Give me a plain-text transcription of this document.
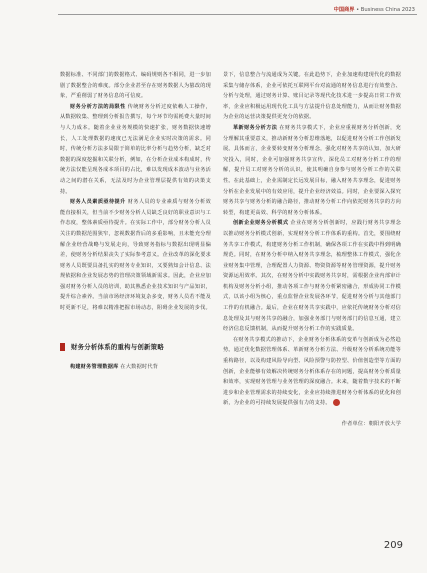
中国商界 • Business China 2023

数据标准、不同部门的数据格式、编码规则各不相同，进一步加剧了数据整合的难度。部分企业甚至存在财务数据人为篡改的现象，严重削弱了财务信息的可信度。

财务分析方法的局限性 传统财务分析过度依赖人工操作，从数据收集、整理到分析报告撰写，每个环节均需耗费大量时间与人力成本。随着企业业务规模的快速扩张，财务数据快速增长，人工处理数据的速度已无法满足企业实时决策的需求。同时，传统分析方法多局限于简单的比率分析与趋势分析，缺乏对数据的深度挖掘和关联分析，例如，在分析企业成本构成时，传统方法仅能呈现各成本项目的占比，难以发现成本波动与业务活动之间的潜在关系，无法及时为企业管理层提供有效的决策支持。

财务人员素质亟待提升 财务人员的专业素质与财务分析效能直接相关，但当前不少财务分析人员缺乏良好的职业意识与工作态度，整体素质亟待提升。在实际工作中，部分财务分析人员关注的数据范围狭窄，忽视数据背后的多重影响，且未能充分理解企业经营战略与发展走向，导致财务指标与数据出现明显偏差，使财务分析结果丧失了实际参考意义。企业改革的深化要求财务人员既要具备扎实的财务专业知识，又要熟知会计信息、法规依据和企业发展态势的管理决策领域新需求。因此，企业应加强对财务分析人员的培训，助其熟悉企业技术知识与产品知识，提升综合素养。当前市场经济环境复杂多变，财务人员若不能及时更新不足，将难以精准把握市场动态，阻碍企业发展的步伐。

财务分析体系的重构与创新策略

构建财务管理数据库 在大数据时代背

景下，信息整合与流通成为关键。在此趋势下，企业加速构建现代化的数据采集与储存体系，企业可依托互联网平台对流通的财务信息进行有效整合、分析与处理，通过财务计算、账目记录等现代化技术进一步提高日常工作效率，企业应积极运用现代化工具与方法提升信息处理能力，从而让财务数据为企业的运营决策提供更充分的依据。

革新财务分析方法 在财务共享模式下，企业应重视财务分析创新，充分理解其重要意义，推动新财务分析思维落地，以促进财务分析工作创新发展。具体而言，企业要转变财务分析理念，强化对财务共享的认知，加大研究投入，同时，企业可加强财务共享宣传，深化员工对财务分析工作的理解，提升员工对财务分析的认识，使其明确自身参与财务分析工作的关联性。在此基础上，企业需制定长远发展目标，融入财务共享理念，促进财务分析在企业发展中的有效应用，提升企业经济效益。同时，企业要深入探究财务共享与财务分析的融合路径，推动财务分析工作向依托财务共享的方向转型，构建更高效、科学的财务分析体系。

创新企业财务分析模式 企业在财务分析创新时，应践行财务共享理念以推动财务分析模式创新，实现财务分析工作体系的重构。首先，要围绕财务共享工作模式，构建财务分析工作机制，确保各项工作在实践中得到明确规范。同时，在财务分析中纳入财务共享理念，梳理整体工作模式，强化企业财务集中管理，合理配置人力资源、物资资源等财务管理资源，提升财务资源运用效率。其次，在财务分析中实践财务共享时，需根据企业内部审计机构及财务分析小组，推动各项工作与财务分析紧密融合，形成协同工作模式，以该小组为核心，重点监督企业发展各环节，促进财务分析与其他部门工作的有机融合。最后，企业在财务共享实践中，应依托传统财务分析对信息处理及其与财务共享的融合，加强业务部门与财务部门的信息互通，建立经济信息反馈机制，从而提升财务分析工作的实践质量。

在财务共享模式的推动下，企业财务分析体系的变革与创新成为必然趋势。通过优化数据管理体系、革新财务分析方法、升级财务分析系统功能等重构路径，以及构建风险导向型、风险预警与防控型、价值创造型等方面的创新，企业能够有效解决传统财务分析体系存在的问题，提高财务分析质量和效率，实现财务管理与业务管理的深度融合。未来，随着数字技术的不断进步和企业管理需求的持续变化，企业应持续推进财务分析体系的优化和创新，为企业的可持续发展提供强有力的支持。

作者单位：朝阳开放大学

209
